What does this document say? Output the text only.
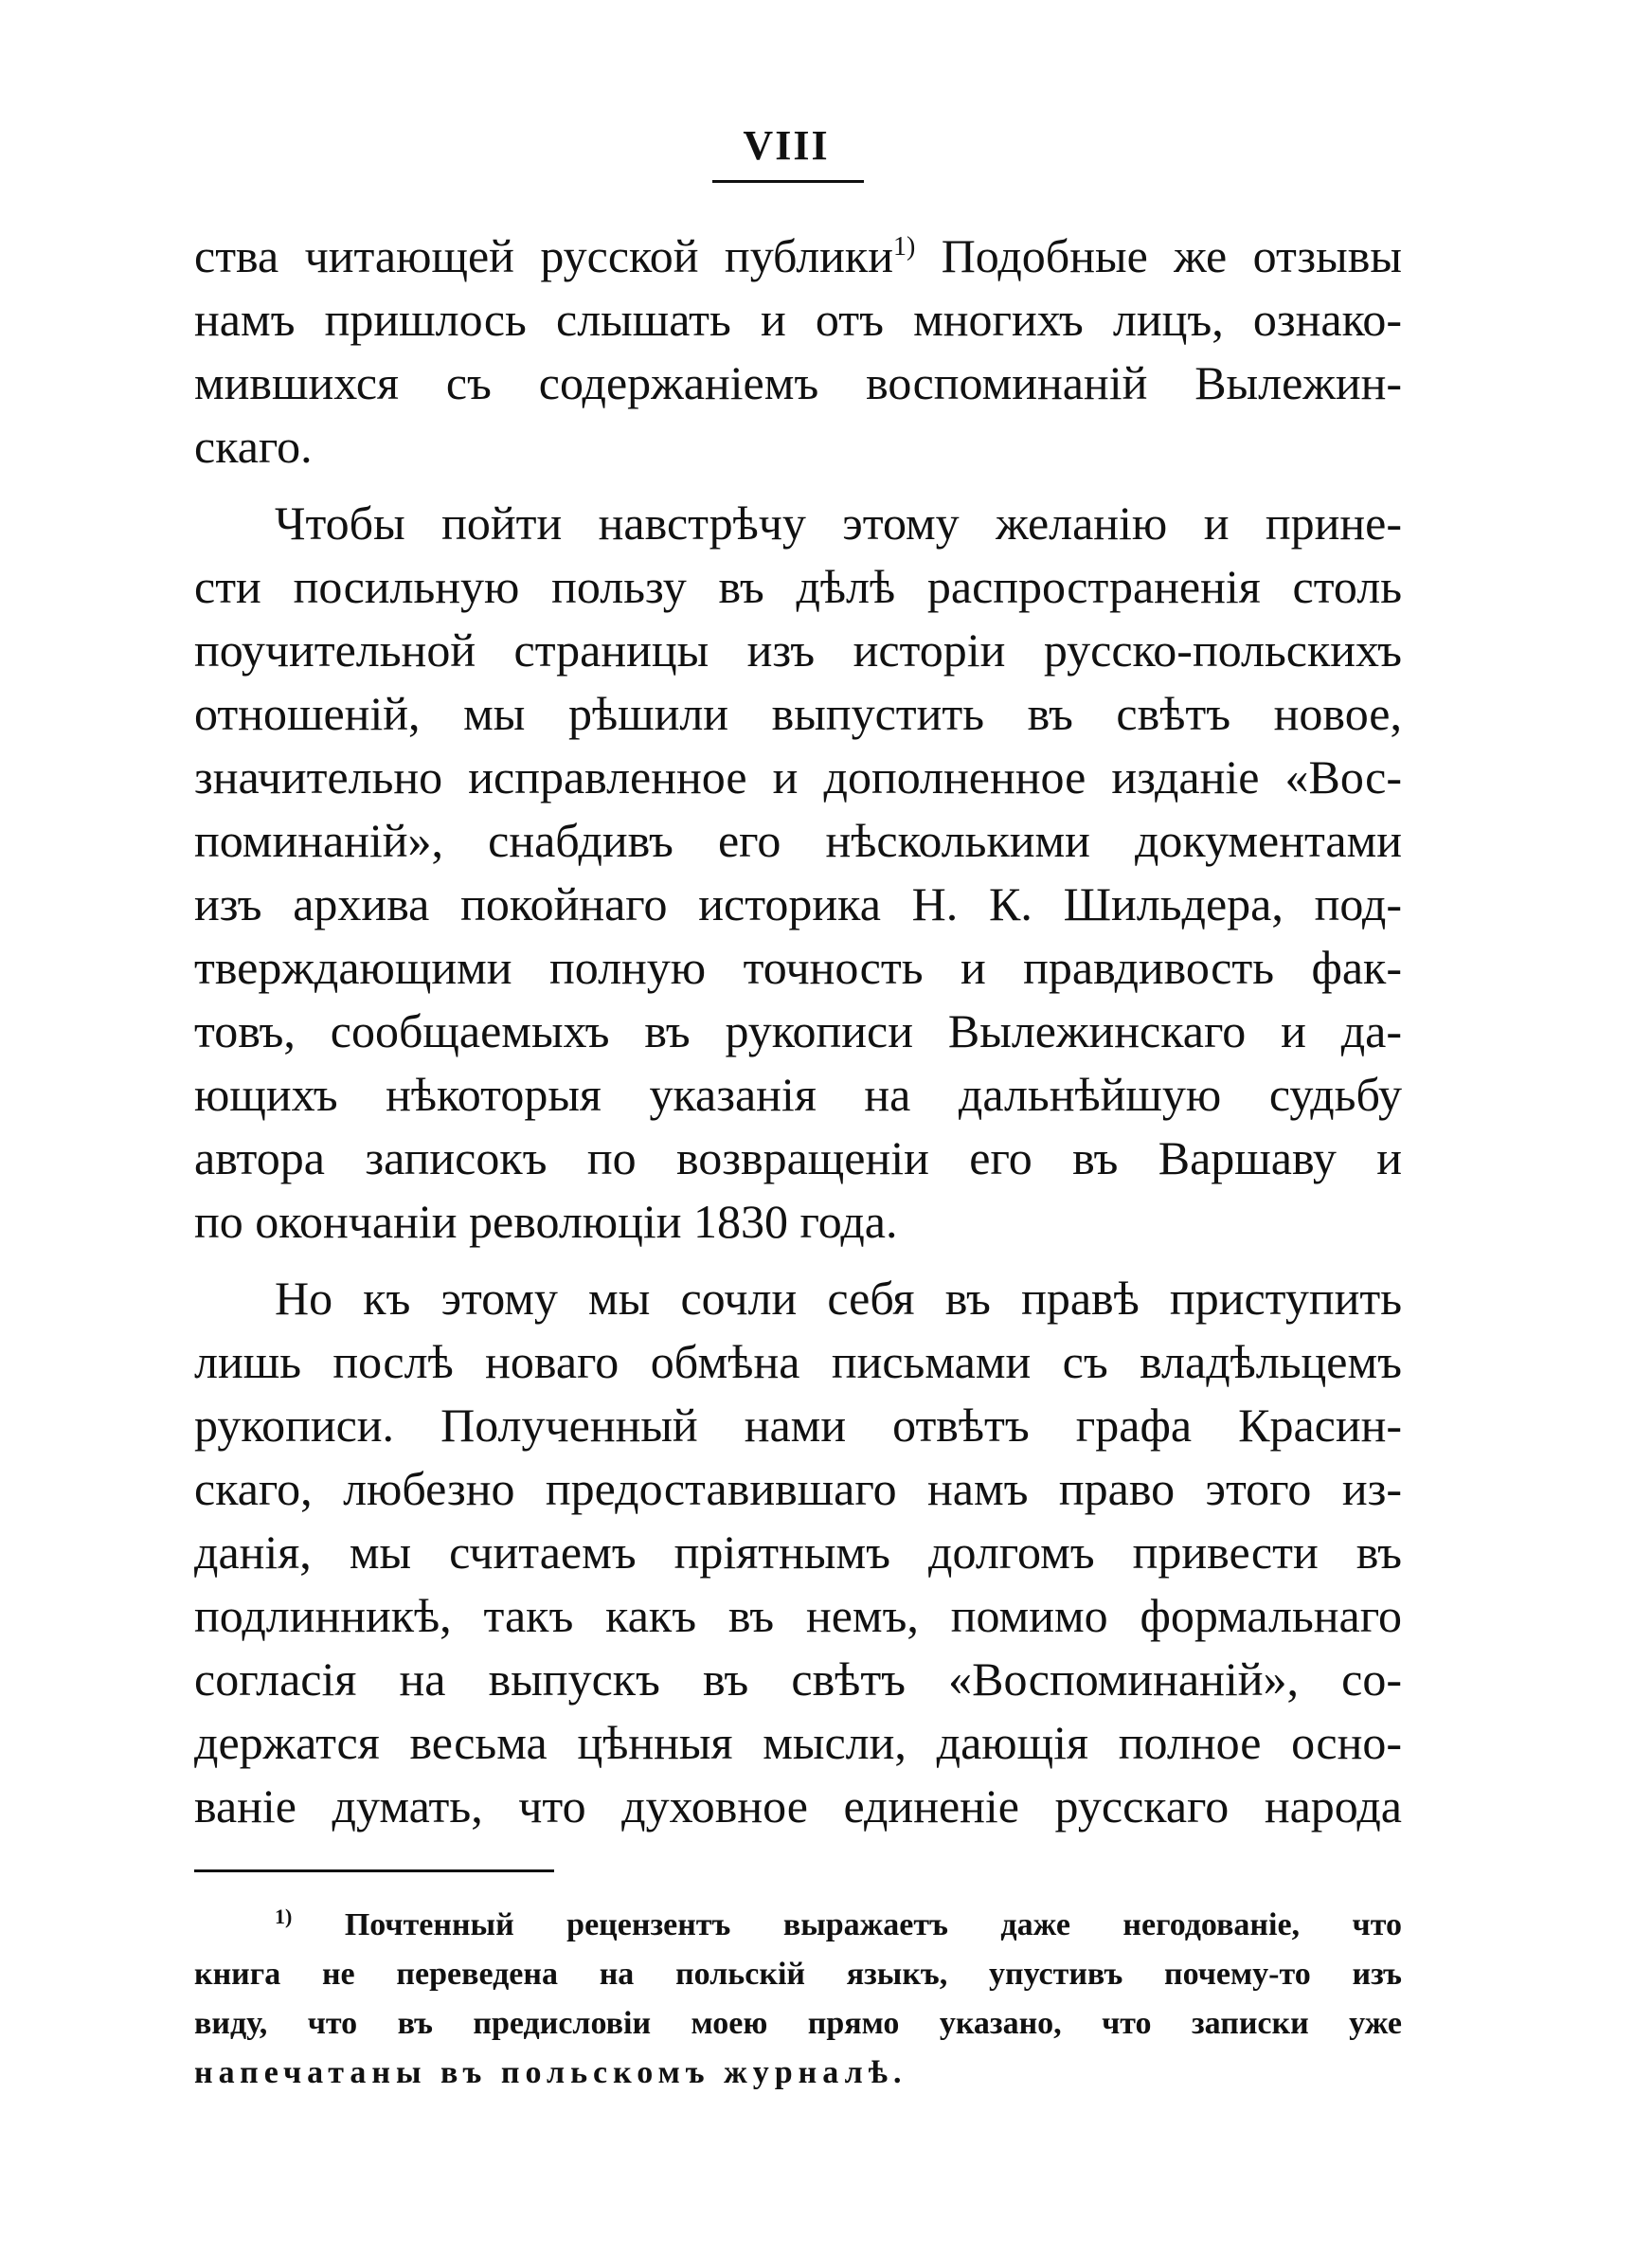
VIII
ства читающей русской публики$^{1)}$ Подобные же отзывы
намъ пришлось слышать и отъ многихъ лицъ, ознако-
мившихся съ содержаніемъ воспоминаній Вылежин-
скаго.
Чтобы пойти навстрѣчу этому желанію и прине-
сти посильную пользу въ дѣлѣ распространенія столь
поучительной страницы изъ исторіи русско-польскихъ
отношеній, мы рѣшили выпустить въ свѣтъ новое,
значительно исправленное и дополненное изданіе «Вос-
поминаній», снабдивъ его нѣсколькими документами
изъ архива покойнаго историка Н. К. Шильдера, под-
тверждающими полную точность и правдивость фак-
товъ, сообщаемыхъ въ рукописи Вылежинскаго и да-
ющихъ нѣкоторыя указанія на дальнѣйшую судьбу
автора записокъ по возвращеніи его въ Варшаву и
по окончаніи революціи 1830 года.
Но къ этому мы сочли себя въ правѣ приступить
лишь послѣ новаго обмѣна письмами съ владѣльцемъ
рукописи. Полученный нами отвѣтъ графа Красин-
скаго, любезно предоставившаго намъ право этого из-
данія, мы считаемъ пріятнымъ долгомъ привести въ
подлинникѣ, такъ какъ въ немъ, помимо формальнаго
согласія на выпускъ въ свѣтъ «Воспоминаній», со-
держатся весьма цѣнныя мысли, дающія полное осно-
ваніе думать, что духовное единеніе русскаго народа
$^{1)}$ Почтенный рецензентъ выражаетъ даже негодованіе, что
книга не переведена на польскій языкъ, упустивъ почему-то изъ
виду, что въ предисловіи моею прямо указано, что записки уже
напечатаны въ польскомъ журналѣ.
